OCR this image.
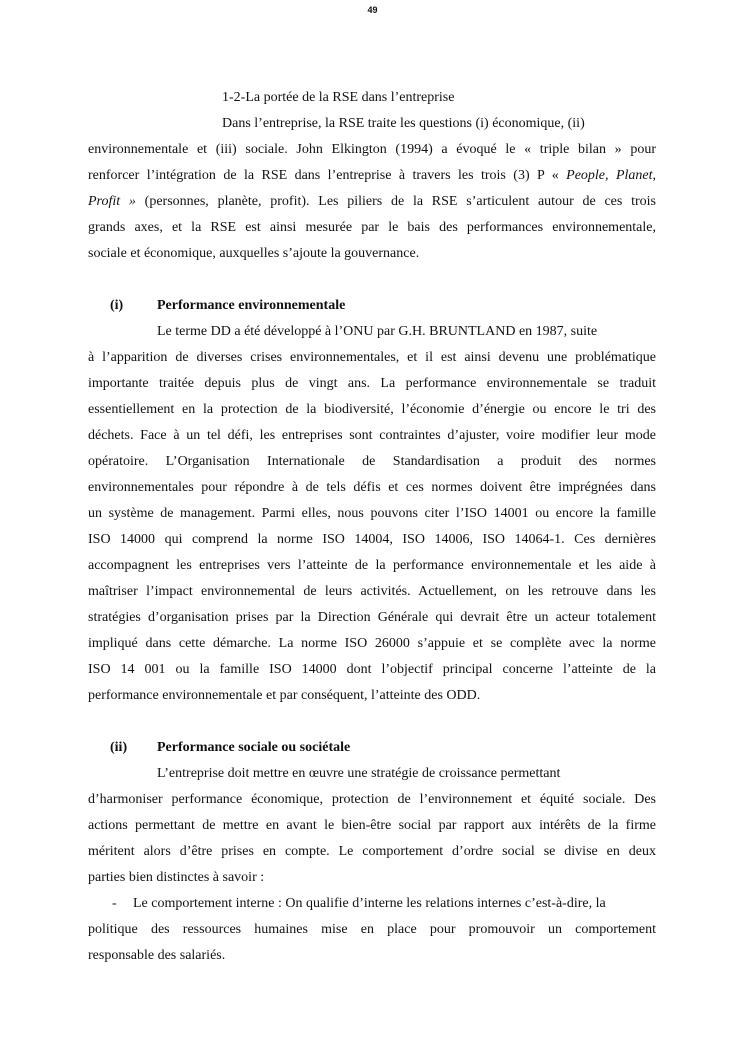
49
1-2-La portée de la RSE dans l’entreprise
Dans l’entreprise, la RSE traite les questions (i) économique, (ii)
environnementale et (iii) sociale. John Elkington (1994) a évoqué le « triple bilan » pour
renforcer l’intégration de la RSE dans l’entreprise à travers les trois (3) P « People, Planet,
Profit » (personnes, planète, profit). Les piliers de la RSE s’articulent autour de ces trois
grands axes, et la RSE est ainsi mesurée par le bais des performances environnementale,
sociale et économique, auxquelles s’ajoute la gouvernance.
(i) Performance environnementale
Le terme DD a été développé à l’ONU par G.H. BRUNTLAND en 1987, suite
à l’apparition de diverses crises environnementales, et il est ainsi devenu une problématique
importante traitée depuis plus de vingt ans. La performance environnementale se traduit
essentiellement en la protection de la biodiversité, l’économie d’énergie ou encore le tri des
déchets. Face à un tel défi, les entreprises sont contraintes d’ajuster, voire modifier leur mode
opératoire. L’Organisation Internationale de Standardisation a produit des normes
environnementales pour répondre à de tels défis et ces normes doivent être imprégnées dans
un système de management. Parmi elles, nous pouvons citer l’ISO 14001 ou encore la famille
ISO 14000 qui comprend la norme ISO 14004, ISO 14006, ISO 14064-1. Ces dernières
accompagnent les entreprises vers l’atteinte de la performance environnementale et les aide à
maîtriser l’impact environnemental de leurs activités. Actuellement, on les retrouve dans les
stratégies d’organisation prises par la Direction Générale qui devrait être un acteur totalement
impliqué dans cette démarche. La norme ISO 26000 s’appuie et se complète avec la norme
ISO 14 001 ou la famille ISO 14000 dont l’objectif principal concerne l’atteinte de la
performance environnementale et par conséquent, l’atteinte des ODD.
(ii) Performance sociale ou sociétale
L’entreprise doit mettre en œuvre une stratégie de croissance permettant
d’harmoniser performance économique, protection de l’environnement et équité sociale. Des
actions permettant de mettre en avant le bien-être social par rapport aux intérêts de la firme
méritent alors d’être prises en compte. Le comportement d’ordre social se divise en deux
parties bien distinctes à savoir :
-	Le comportement interne : On qualifie d’interne les relations internes c’est-à-dire, la
politique des ressources humaines mise en place pour promouvoir un comportement
responsable des salariés.
